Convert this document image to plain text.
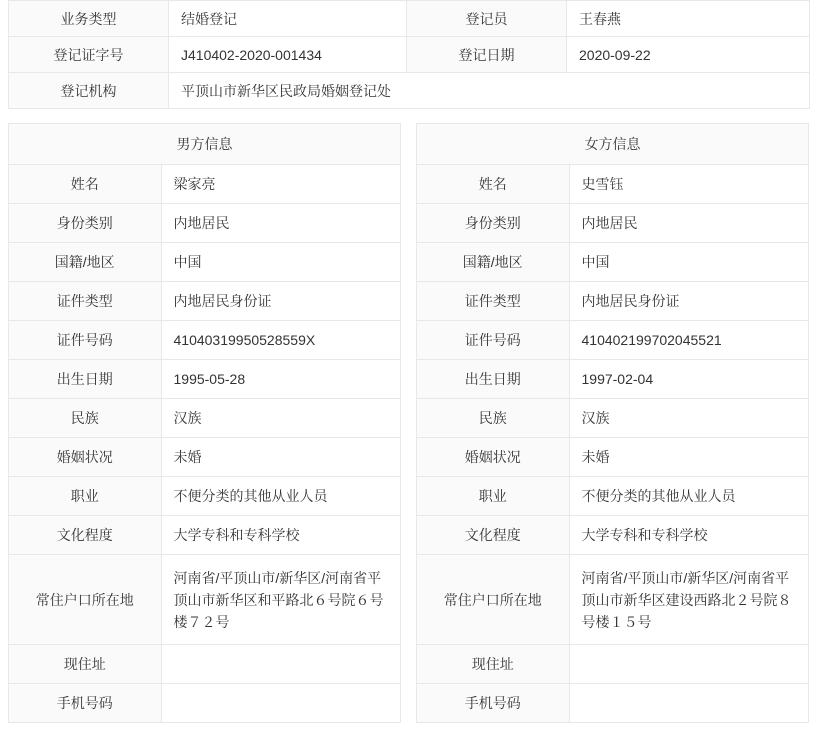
业务类型	结婚登记	登记员	王春燕
登记证字号	J410402-2020-001434	登记日期	2020-09-22
登记机构	平顶山市新华区民政局婚姻登记处		
男方信息
姓名	梁家亮
身份类别	内地居民
国籍/地区	中国
证件类型	内地居民身份证
证件号码	41040319950528559X
出生日期	1995-05-28
民族	汉族
婚姻状况	未婚
职业	不便分类的其他从业人员
文化程度	大学专科和专科学校
常住户口所在地	河南省/平顶山市/新华区/河南省平顶山市新华区和平路北６号院６号楼７２号
现住址	
手机号码	
女方信息
姓名	史雪钰
身份类别	内地居民
国籍/地区	中国
证件类型	内地居民身份证
证件号码	410402199702045521
出生日期	1997-02-04
民族	汉族
婚姻状况	未婚
职业	不便分类的其他从业人员
文化程度	大学专科和专科学校
常住户口所在地	河南省/平顶山市/新华区/河南省平顶山市新华区建设西路北２号院８号楼１５号
现住址	
手机号码	
